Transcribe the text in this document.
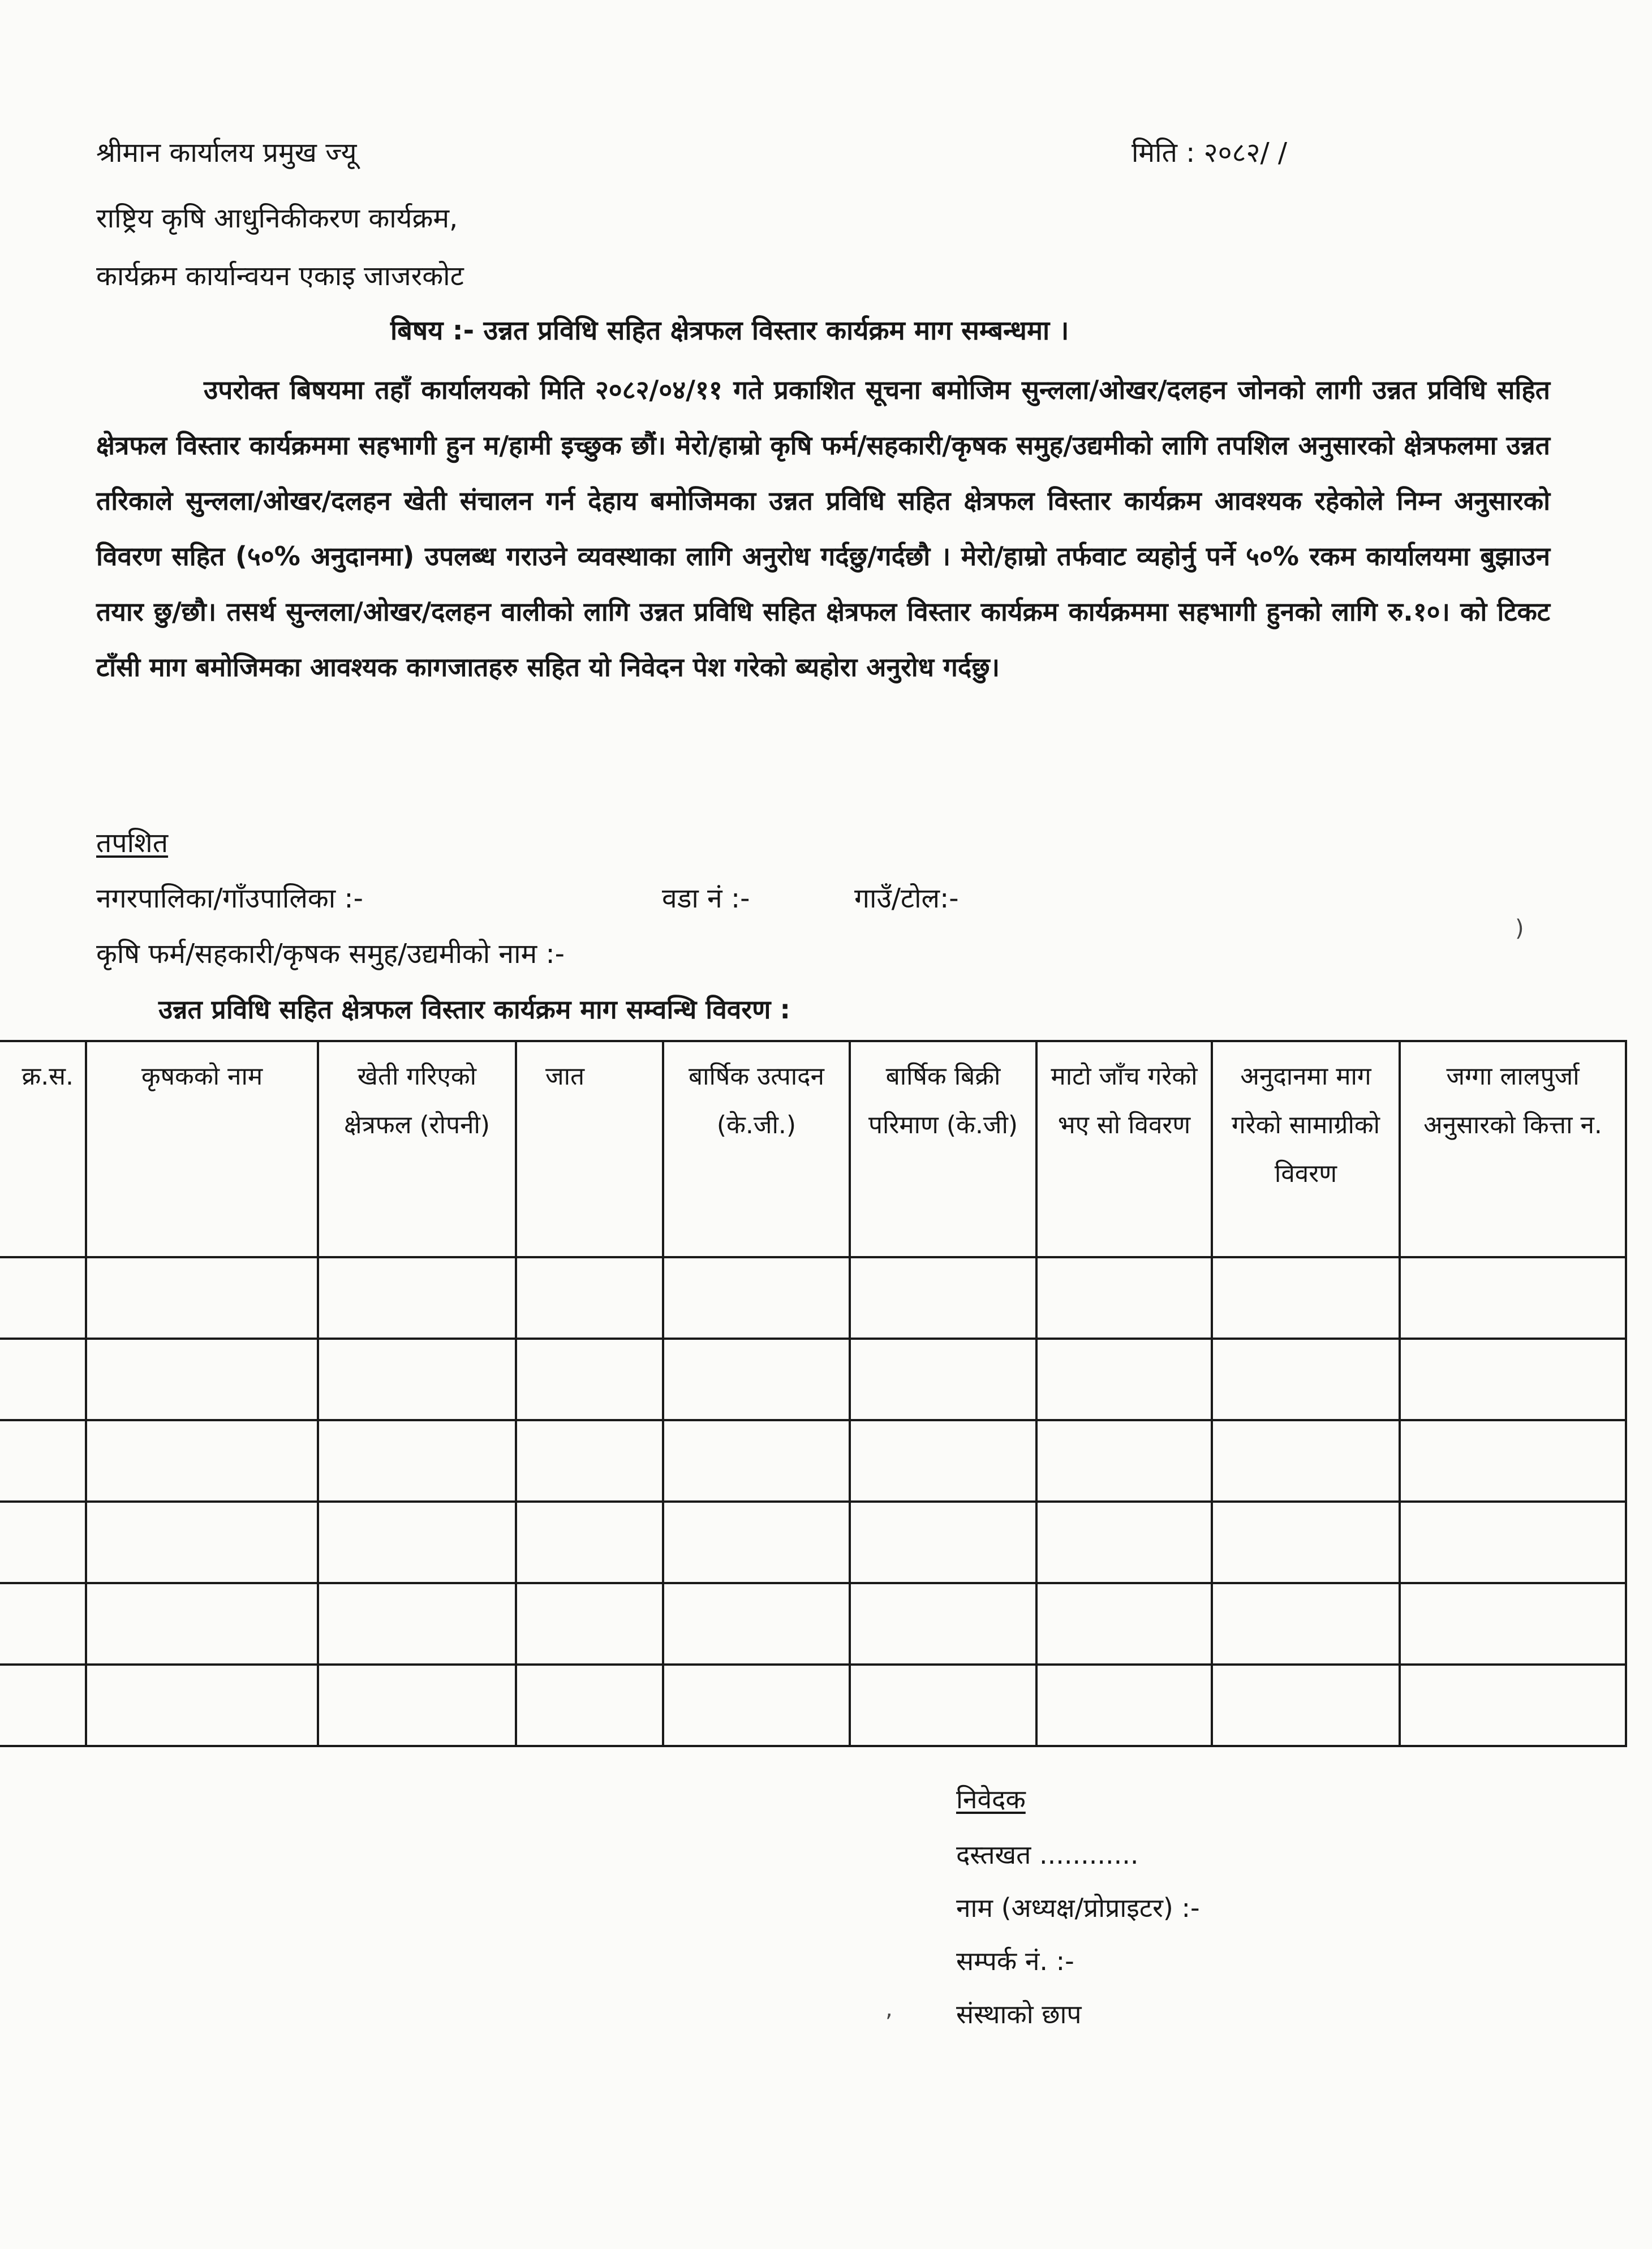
श्रीमान कार्यालय प्रमुख ज्यू	मिति : २०८२/ /
राष्ट्रिय कृषि आधुनिकीकरण कार्यक्रम,
कार्यक्रम कार्यान्वयन एकाइ जाजरकोट
बिषय :- उन्नत प्रविधि सहित क्षेत्रफल विस्तार कार्यक्रम माग सम्बन्धमा ।
उपरोक्त बिषयमा तहाँ कार्यालयको मिति २०८२/०४/११ गते प्रकाशित सूचना बमोजिम सुन्लला/ओखर/दलहन जोनको लागी उन्नत प्रविधि सहित क्षेत्रफल विस्तार कार्यक्रममा सहभागी हुन म/हामी इच्छुक छौं। मेरो/हाम्रो कृषि फर्म/सहकारी/कृषक समुह/उद्यमीको लागि तपशिल अनुसारको क्षेत्रफलमा उन्नत तरिकाले सुन्लला/ओखर/दलहन खेती संचालन गर्न देहाय बमोजिमका उन्नत प्रविधि सहित क्षेत्रफल विस्तार कार्यक्रम आवश्यक रहेकोले निम्न अनुसारको विवरण सहित (५०% अनुदानमा) उपलब्ध गराउने व्यवस्थाका लागि अनुरोध गर्दछु/गर्दछौ । मेरो/हाम्रो तर्फवाट व्यहोर्नु पर्ने ५०% रकम कार्यालयमा बुझाउन तयार छु/छौ। तसर्थ सुन्लला/ओखर/दलहन वालीको लागि उन्नत प्रविधि सहित क्षेत्रफल विस्तार कार्यक्रम कार्यक्रममा सहभागी हुनको लागि रु.१०। को टिकट टाँसी माग बमोजिमका आवश्यक कागजातहरु सहित यो निवेदन पेश गरेको ब्यहोरा अनुरोध गर्दछु।
तपशित
नगरपालिका/गाँउपालिका :-	वडा नं :-	गाउँ/टोल:-
कृषि फर्म/सहकारी/कृषक समुह/उद्यमीको नाम :-
उन्नत प्रविधि सहित क्षेत्रफल विस्तार कार्यक्रम माग सम्वन्धि विवरण :
क्र.स.	कृषकको नाम	खेती गरिएको क्षेत्रफल (रोपनी)	जात	बार्षिक उत्पादन (के.जी.)	बार्षिक बिक्री परिमाण (के.जी)	माटो जाँच गरेको भए सो विवरण	अनुदानमा माग गरेको सामाग्रीको विवरण	जग्गा लालपुर्जा अनुसारको कित्ता न.

निवेदक
दस्तखत ............
नाम (अध्यक्ष/प्रोप्राइटर) :-
सम्पर्क नं. :-
संस्थाको छाप
,
)
